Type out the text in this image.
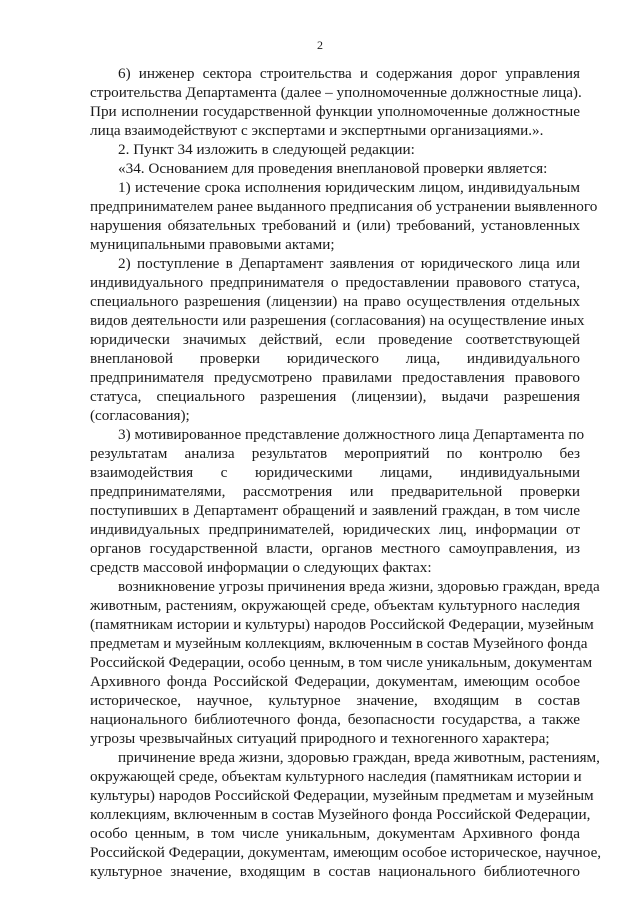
2
6) инженер сектора строительства и содержания дорог управления
строительства Департамента (далее – уполномоченные должностные лица).
При исполнении государственной функции уполномоченные должностные
лица взаимодействуют с экспертами и экспертными организациями.».
2. Пункт 34 изложить в следующей редакции:
«34. Основанием для проведения внеплановой проверки является:
1) истечение срока исполнения юридическим лицом, индивидуальным
предпринимателем ранее выданного предписания об устранении выявленного
нарушения обязательных требований и (или) требований, установленных
муниципальными правовыми актами;
2) поступление в Департамент заявления от юридического лица или
индивидуального предпринимателя о предоставлении правового статуса,
специального разрешения (лицензии) на право осуществления отдельных
видов деятельности или разрешения (согласования) на осуществление иных
юридически значимых действий, если проведение соответствующей
внеплановой проверки юридического лица, индивидуального
предпринимателя предусмотрено правилами предоставления правового
статуса, специального разрешения (лицензии), выдачи разрешения
(согласования);
3) мотивированное представление должностного лица Департамента по
результатам анализа результатов мероприятий по контролю без
взаимодействия с юридическими лицами, индивидуальными
предпринимателями, рассмотрения или предварительной проверки
поступивших в Департамент обращений и заявлений граждан, в том числе
индивидуальных предпринимателей, юридических лиц, информации от
органов государственной власти, органов местного самоуправления, из
средств массовой информации о следующих фактах:
возникновение угрозы причинения вреда жизни, здоровью граждан, вреда
животным, растениям, окружающей среде, объектам культурного наследия
(памятникам истории и культуры) народов Российской Федерации, музейным
предметам и музейным коллекциям, включенным в состав Музейного фонда
Российской Федерации, особо ценным, в том числе уникальным, документам
Архивного фонда Российской Федерации, документам, имеющим особое
историческое, научное, культурное значение, входящим в состав
национального библиотечного фонда, безопасности государства, а также
угрозы чрезвычайных ситуаций природного и техногенного характера;
причинение вреда жизни, здоровью граждан, вреда животным, растениям,
окружающей среде, объектам культурного наследия (памятникам истории и
культуры) народов Российской Федерации, музейным предметам и музейным
коллекциям, включенным в состав Музейного фонда Российской Федерации,
особо ценным, в том числе уникальным, документам Архивного фонда
Российской Федерации, документам, имеющим особое историческое, научное,
культурное значение, входящим в состав национального библиотечного
